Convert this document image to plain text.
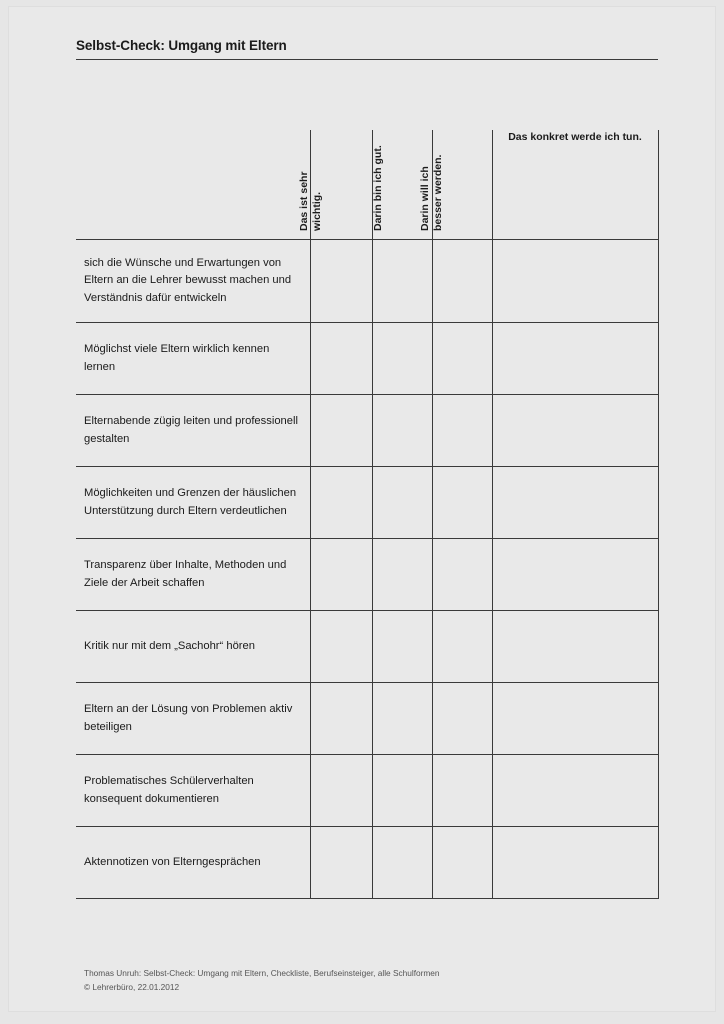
Selbst-Check: Umgang mit Eltern

	Das ist sehr wichtig.	Darin bin ich gut.	Darin will ich besser werden.	Das konkret werde ich tun.

sich die Wünsche und Erwartungen von Eltern an die Lehrer bewusst machen und Verständnis dafür entwickeln				
Möglichst viele Eltern wirklich kennen lernen				
Elternabende zügig leiten und professionell gestalten				
Möglichkeiten und Grenzen der häuslichen Unterstützung durch Eltern verdeutlichen				
Transparenz über Inhalte, Methoden und Ziele der Arbeit schaffen				
Kritik nur mit dem „Sachohr“ hören				
Eltern an der Lösung von Problemen aktiv beteiligen				
Problematisches Schülerverhalten konsequent dokumentieren				
Aktennotizen von Elterngesprächen				
Thomas Unruh: Selbst-Check: Umgang mit Eltern, Checkliste, Berufseinsteiger, alle Schulformen
© Lehrerbüro, 22.01.2012
